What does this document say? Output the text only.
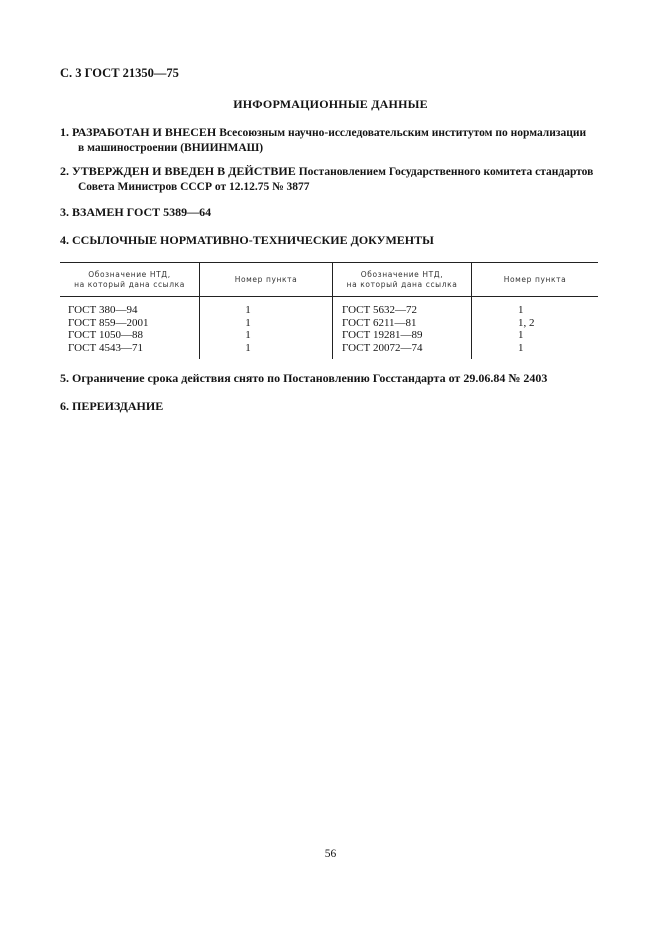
С. 3 ГОСТ 21350—75
ИНФОРМАЦИОННЫЕ ДАННЫЕ
1. РАЗРАБОТАН И ВНЕСЕН Всесоюзным научно-исследовательским институтом по нормализации
в машиностроении (ВНИИНМАШ)
2. УТВЕРЖДЕН И ВВЕДЕН В ДЕЙСТВИЕ Постановлением Государственного комитета стандартов
Совета Министров СССР от 12.12.75 № 3877
3. ВЗАМЕН ГОСТ 5389—64
4. ССЫЛОЧНЫЕ НОРМАТИВНО-ТЕХНИЧЕСКИЕ ДОКУМЕНТЫ
Обозначение НТД,
на который дана ссылка
Номер пункта
Обозначение НТД,
на который дана ссылка
Номер пункта
ГОСТ 380—94
ГОСТ 859—2001
ГОСТ 1050—88
ГОСТ 4543—71
1
1
1
1
ГОСТ 5632—72
ГОСТ 6211—81
ГОСТ 19281—89
ГОСТ 20072—74
1
1, 2
1
1
5. Ограничение срока действия снято по Постановлению Госстандарта от 29.06.84 № 2403
6. ПЕРЕИЗДАНИЕ
56
